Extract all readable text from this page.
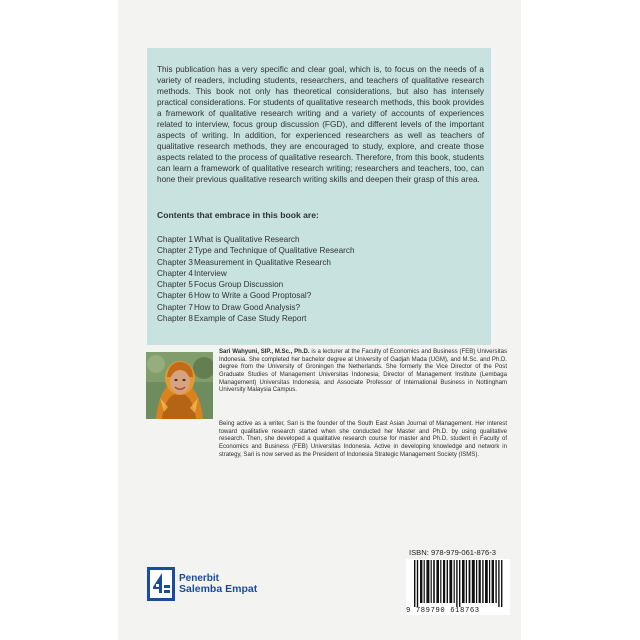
This publication has a very specific and clear goal, which is, to focus on the needs of a variety of readers, including students, researchers, and teachers of qualitative research methods. This book not only has theoretical considerations, but also has intensely practical considerations. For students of qualitative research methods, this book provides a framework of qualitative research writing and a variety of accounts of experiences related to interview, focus group discussion (FGD), and different levels of the important aspects of writing. In addition, for experienced researchers as well as teachers of qualitative research methods, they are encouraged to study, explore, and create those aspects related to the process of qualitative research. Therefore, from this book, students can learn a framework of qualitative research writing; researchers and teachers, too, can hone their previous qualitative research writing skills and deepen their grasp of this area.

Contents that embrace in this book are:

Chapter 1 What is Qualitative Research
Chapter 2 Type and Technique of Qualitative Research
Chapter 3 Measurement in Qualitative Research
Chapter 4 Interview
Chapter 5 Focus Group Discussion
Chapter 6 How to Write a Good Proptosal?
Chapter 7 How to Draw Good Analysis?
Chapter 8 Example of Case Study Report

Sari Wahyuni, SIP., M.Sc., Ph.D. is a lecturer at the Faculty of Economics and Business (FEB) Universitas Indonesia. She completed her bachelor degree at University of Gadjah Mada (UGM), and M.Sc. and Ph.D. degree from the University of Groningen the Netherlands. She formerly the Vice Director of the Post Graduate Studies of Management Universitas Indonesia, Director of Management Institute (Lembaga Management) Universitas Indonesia, and Associate Professor of International Business in Nottingham University Malaysia Campus.

Being active as a writer, Sari is the founder of the South East Asian Journal of Management. Her interest toward qualitative research started when she conducted her Master and Ph.D. by using qualitative research. Then, she developed a qualitative research course for master and Ph.D. student in Faculty of Economics and Business (FEB) Universitas Indonesia. Active in developing knowledge and network in strategy, Sari is now served as the President of Indonesia Strategic Management Society (ISMS).

Penerbit
Salemba Empat
ISBN: 978-979-061-876-3
9 789790 618763
